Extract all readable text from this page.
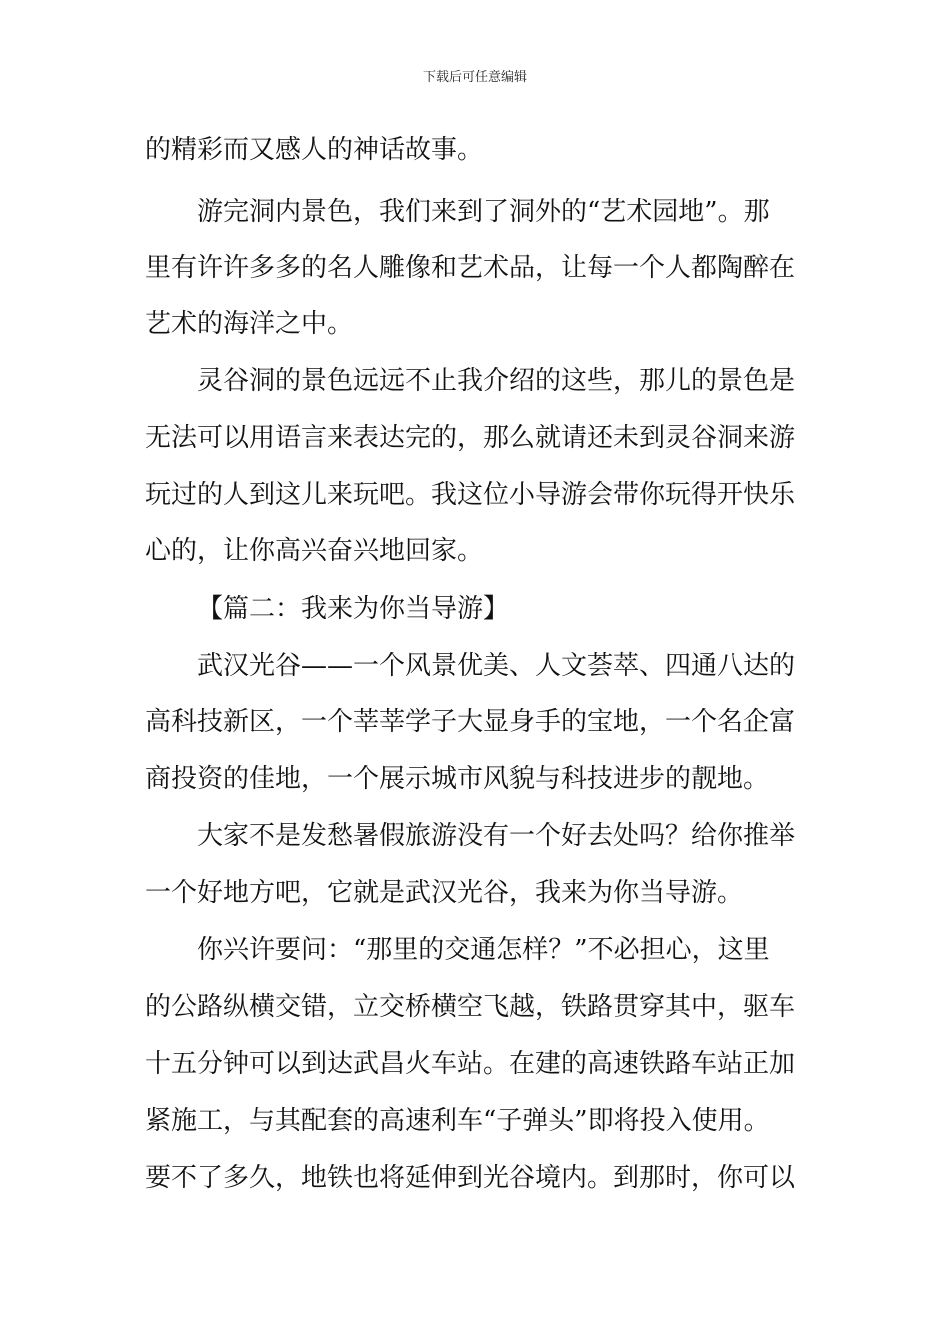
下载后可任意编辑
的精彩而又感人的神话故事。
游完洞内景色，我们来到了洞外的“艺术园地”。那
里有许许多多的名人雕像和艺术品，让每一个人都陶醉在
艺术的海洋之中。
灵谷洞的景色远远不止我介绍的这些，那儿的景色是
无法可以用语言来表达完的，那么就请还未到灵谷洞来游
玩过的人到这儿来玩吧。我这位小导游会带你玩得开快乐
心的，让你高兴奋兴地回家。
【篇二：我来为你当导游】
武汉光谷——一个风景优美、人文荟萃、四通八达的
高科技新区，一个莘莘学子大显身手的宝地，一个名企富
商投资的佳地，一个展示城市风貌与科技进步的靓地。
大家不是发愁暑假旅游没有一个好去处吗？给你推举
一个好地方吧，它就是武汉光谷，我来为你当导游。
你兴许要问：“那里的交通怎样？”不必担心，这里
的公路纵横交错，立交桥横空飞越，铁路贯穿其中，驱车
十五分钟可以到达武昌火车站。在建的高速铁路车站正加
紧施工，与其配套的高速利车“子弹头”即将投入使用。
要不了多久，地铁也将延伸到光谷境内。到那时，你可以
